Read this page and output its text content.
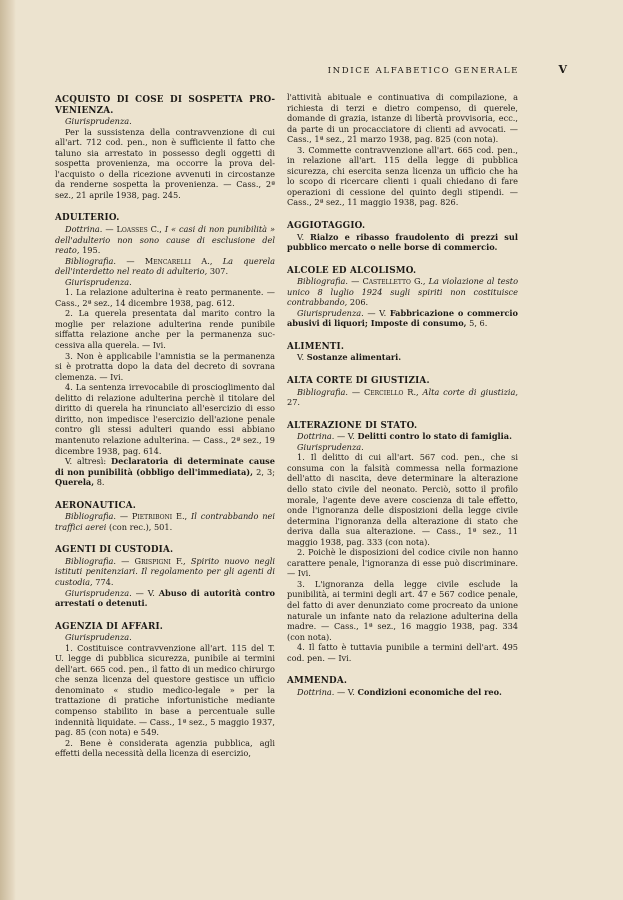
INDICE ALFABETICO GENERALE	V

ACQUISTO DI COSE DI SOSPETTA PROVENIENZA.

Giurisprudenza.

Per la sussistenza della contravvenzione di cui all'art. 712 cod. pen., non è sufficiente il fatto che taluno sia arrestato in possesso degli oggetti di sospetta provenienza, ma occorre la prova dell'acquisto o della ricezione avvenuti in circostanze da renderne sospetta la provenienza. — Cass., 2ª sez., 21 aprile 1938, pag. 245.

ADULTERIO.

Dottrina. — Loasses C., I « casi di non punibilità » dell'adulterio non sono cause di esclusione del reato, 195.

Bibliografia. — Mencarelli A., La querela dell'interdetto nel reato di adulterio, 307.

Giurisprudenza.

1. La relazione adulterina è reato permanente. — Cass., 2ª sez., 14 dicembre 1938, pag. 612.

2. La querela presentata dal marito contro la moglie per relazione adulterina rende punibile siffatta relazione anche per la permanenza successiva alla querela. — Ivi.

3. Non è applicabile l'amnistia se la permanenza si è protratta dopo la data del decreto di sovrana clemenza. — Ivi.

4. La sentenza irrevocabile di proscioglimento dal delitto di relazione adulterina perchè il titolare del diritto di querela ha rinunciato all'esercizio di esso diritto, non impedisce l'esercizio dell'azione penale contro gli stessi adulteri quando essi abbiano mantenuto relazione adulterina. — Cass., 2ª sez., 19 dicembre 1938, pag. 614.

V. altresì: Declaratoria di determinate cause di non punibilità (obbligo dell'immediata), 2, 3; Querela, 8.

AERONAUTICA.

Bibliografia. — Pietriboni E., Il contrabbando nei traffici aerei (con rec.), 501.

AGENTI DI CUSTODIA.

Bibliografia. — Grispigni F., Spirito nuovo negli istituti penitenziari. Il regolamento per gli agenti di custodia, 774.

Giurisprudenza. — V. Abuso di autorità contro arrestati o detenuti.

AGENZIA DI AFFARI.

Giurisprudenza.

1. Costituisce contravvenzione all'art. 115 del T. U. legge di pubblica sicurezza, punibile ai termini dell'art. 665 cod. pen., il fatto di un medico chirurgo che senza licenza del questore gestisce un ufficio denominato « studio medico-legale » per la trattazione di pratiche infortunistiche mediante compenso stabilito in base a percentuale sulle indennità liquidate. — Cass., 1ª sez., 5 maggio 1937, pag. 85 (con nota) e 549.

2. Bene è considerata agenzia pubblica, agli effetti della necessità della licenza di esercizio,

l'attività abituale e continuativa di compilazione, a richiesta di terzi e dietro compenso, di querele, domande di grazia, istanze di libertà provvisoria, ecc., da parte di un procacciatore di clienti ad avvocati. — Cass., 1ª sez., 21 marzo 1938, pag. 825 (con nota).

3. Commette contravvenzione all'art. 665 cod. pen., in relazione all'art. 115 della legge di pubblica sicurezza, chi esercita senza licenza un ufficio che ha lo scopo di ricercare clienti i quali chiedano di fare operazioni di cessione del quinto degli stipendi. — Cass., 2ª sez., 11 maggio 1938, pag. 826.

AGGIOTAGGIO.

V. Rialzo e ribasso fraudolento di prezzi sul pubblico mercato o nelle borse di commercio.

ALCOLE ED ALCOLISMO.

Bibliografia. — Castelletto G., La violazione al testo unico 8 luglio 1924 sugli spiriti non costituisce contrabbando, 206.

Giurisprudenza. — V. Fabbricazione o commercio abusivi di liquori; Imposte di consumo, 5, 6.

ALIMENTI.

V. Sostanze alimentari.

ALTA CORTE DI GIUSTIZIA.

Bibliografia. — Cerciello R., Alta corte di giustizia, 27.

ALTERAZIONE DI STATO.

Dottrina. — V. Delitti contro lo stato di famiglia.

Giurisprudenza.

1. Il delitto di cui all'art. 567 cod. pen., che si consuma con la falsità commessa nella formazione dell'atto di nascita, deve determinare la alterazione dello stato civile del neonato. Perciò, sotto il profilo morale, l'agente deve avere coscienza di tale effetto, onde l'ignoranza delle disposizioni della legge civile determina l'ignoranza della alterazione di stato che deriva dalla sua alterazione. — Cass., 1ª sez., 11 maggio 1938, pag. 333 (con nota).

2. Poichè le disposizioni del codice civile non hanno carattere penale, l'ignoranza di esse può discriminare. — Ivi.

3. L'ignoranza della legge civile esclude la punibilità, ai termini degli art. 47 e 567 codice penale, del fatto di aver denunziato come procreato da unione naturale un infante nato da relazione adulterina della madre. — Cass., 1ª sez., 16 maggio 1938, pag. 334 (con nota).

4. Il fatto è tuttavia punibile a termini dell'art. 495 cod. pen. — Ivi.

AMMENDA.

Dottrina. — V. Condizioni economiche del reo.
